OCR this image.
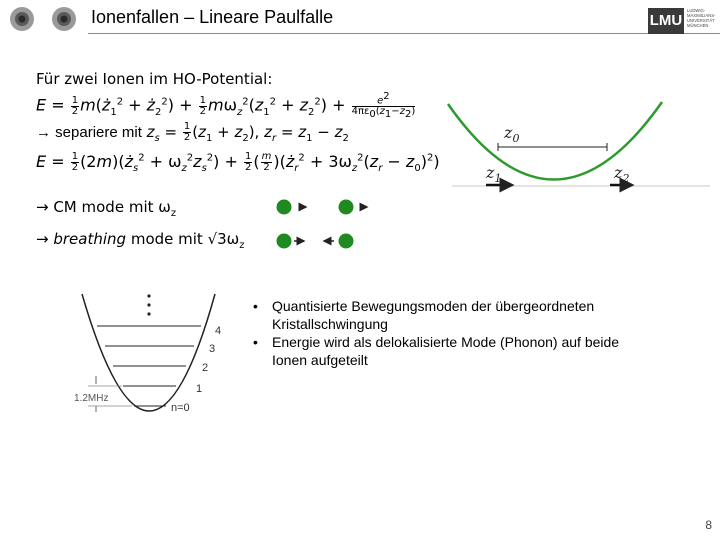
Ionenfallen – Lineare Paulfalle	LMU
LUDWIG- MAXIMILIANS- UNIVERSITÄT MÜNCHEN
Für zwei Ionen im HO-Potential:
$E = \frac{1}{2}$ $m(ż_1^2$ + $ż_2^2) + \frac{1}{2} m\omega_z^2(z_1^2 + z_2^2) + \frac{e^2}{4\pi\varepsilon_0(z_1-z_2)}$
→ separiere mit $z_s = \frac{1}{2} (z_1 + z_2)$, $z_r = z_1 - z_2$
$E = \frac{1}{2}$ $(2m)(ż_s^2 + \omega_z^2z_s^2) + \frac{1}{2}$ ( $\frac{m}{2}$ )$(ż_r^2 + 3\omega_z^2(z_r - z_0)^2)$
→ CM mode mit $\omega_z$
→ breathing mode mit $√3\omega_z$
$z_0$
$z_1$	$z_2$
4
3
2
1
n=0
1.2MHz
• Quantisierte Bewegungsmoden der übergeordneten Kristallschwingung
• Energie wird als delokalisierte Mode (Phonon) auf beide Ionen aufgeteilt
8
